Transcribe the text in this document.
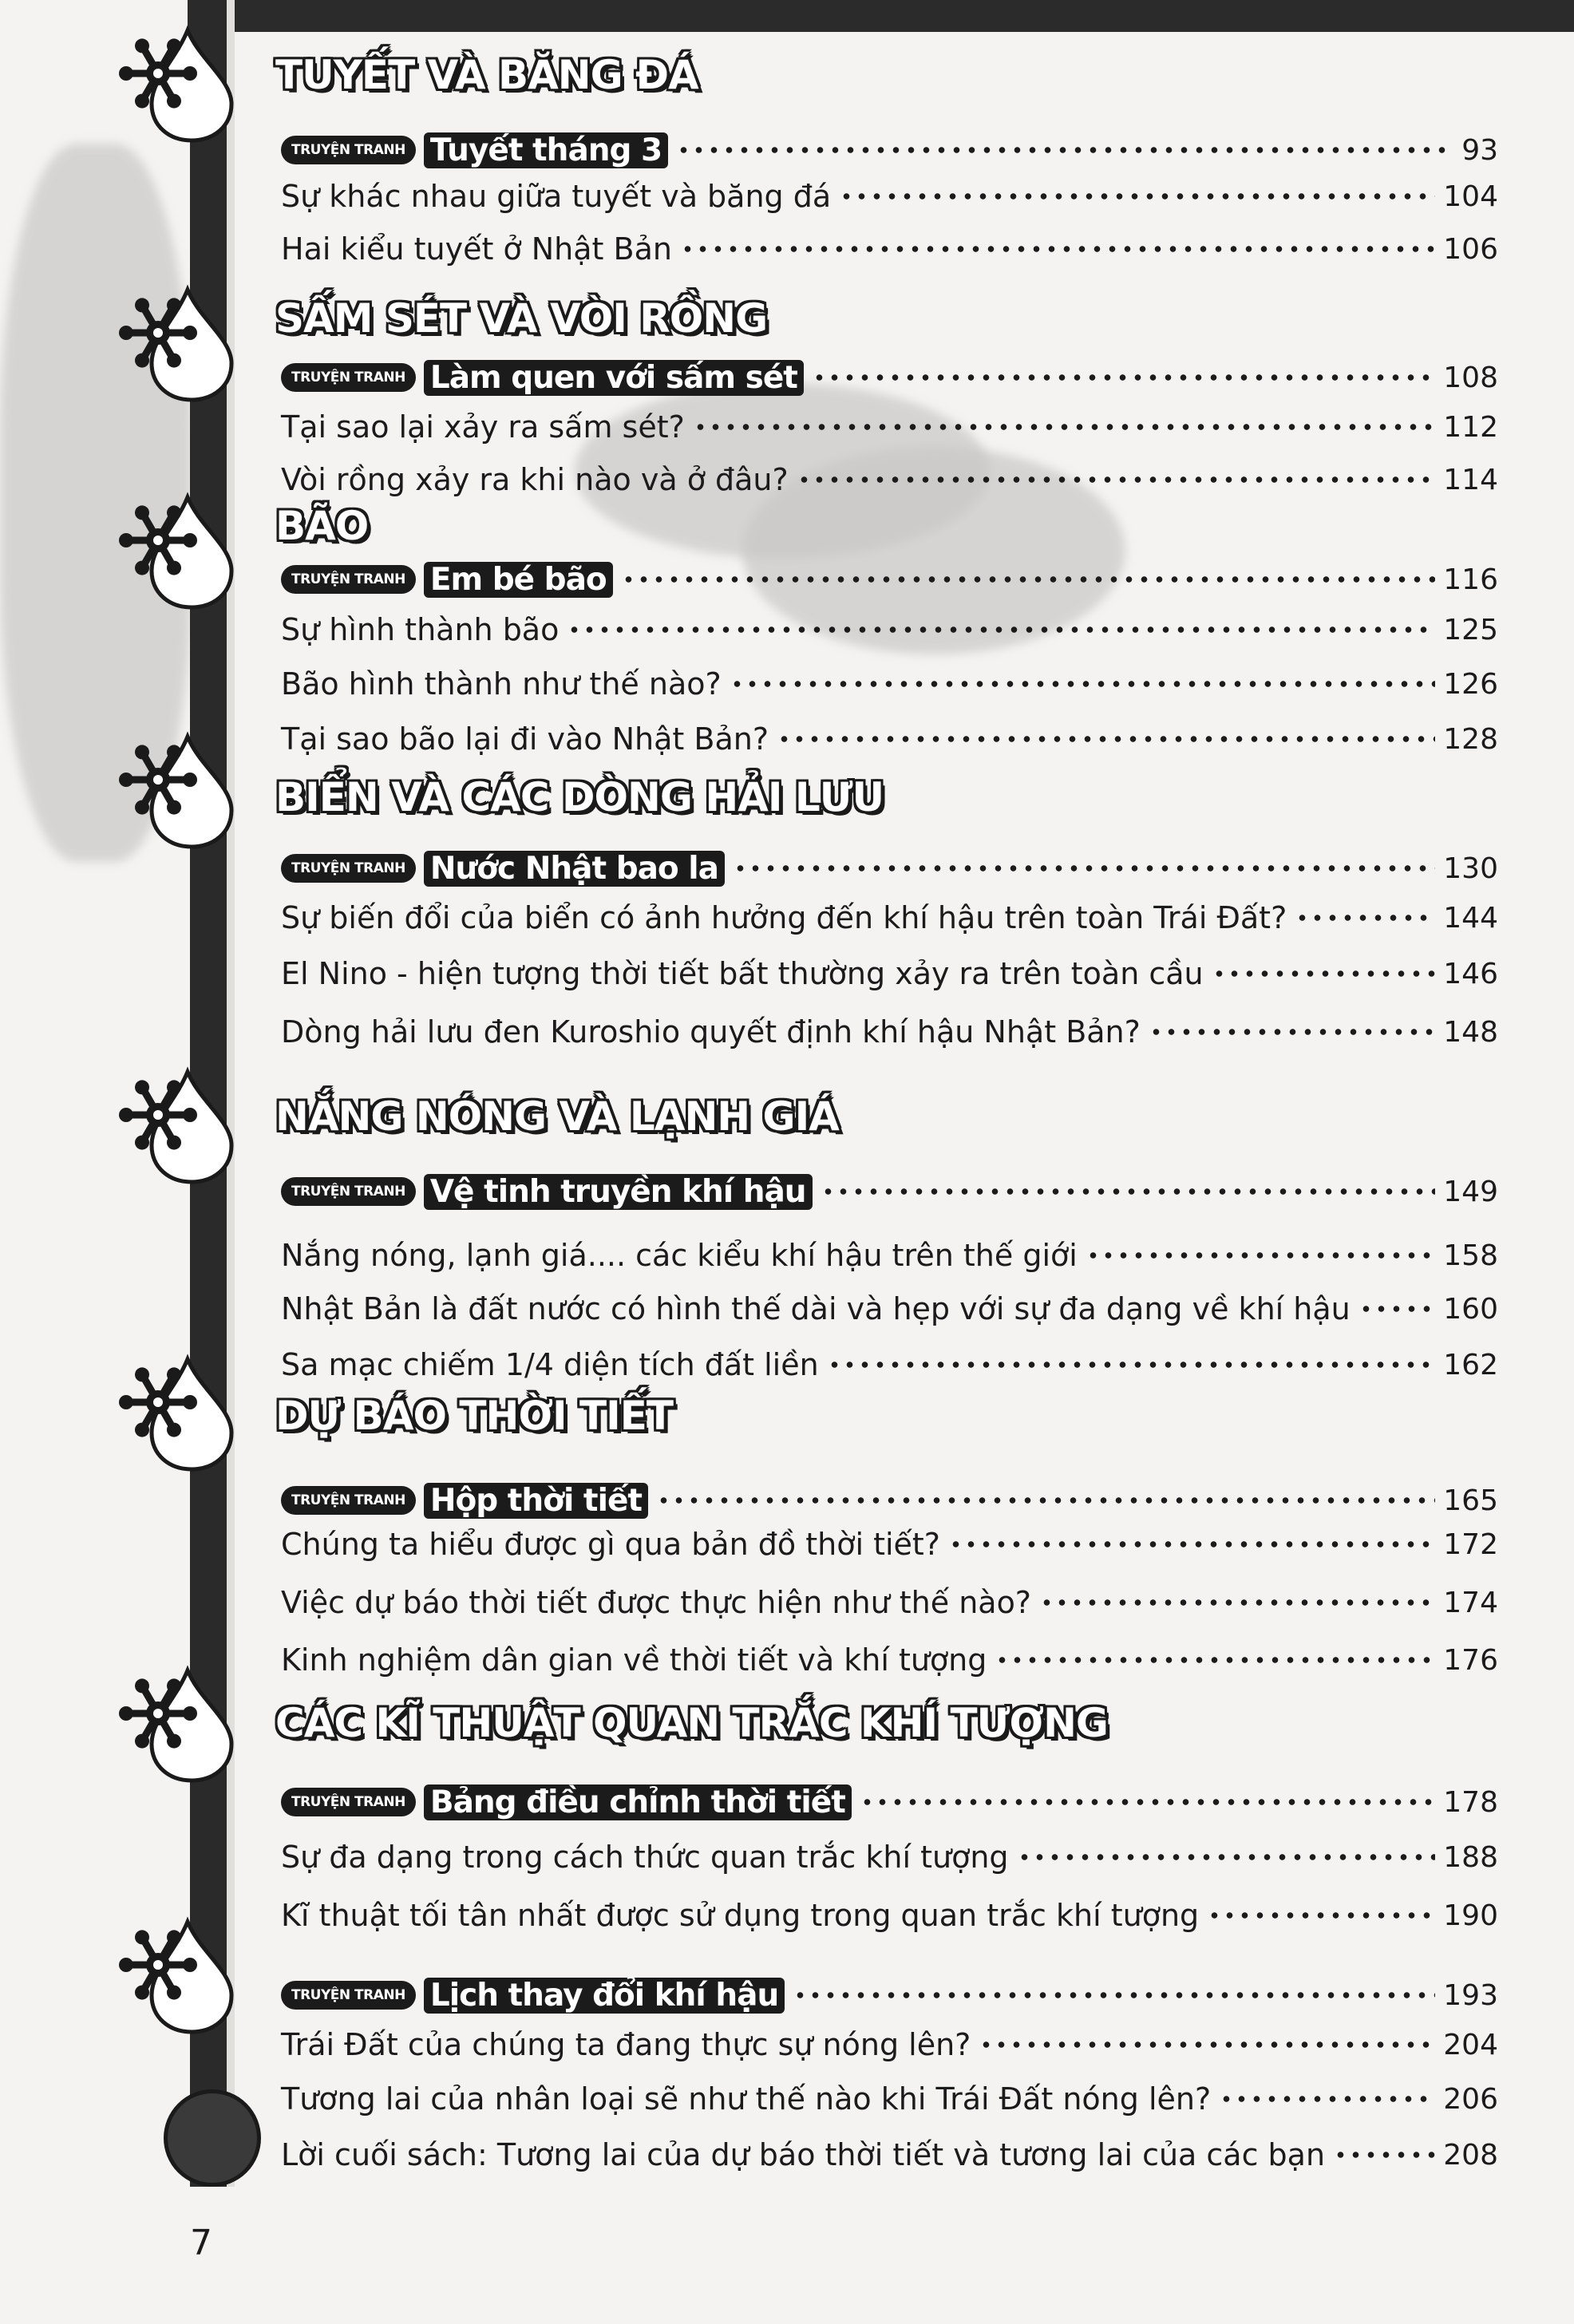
TUYẾT VÀ BĂNG ĐÁ
TRUYỆN TRANH Tuyết tháng 3	93
Sự khác nhau giữa tuyết và băng đá	104
Hai kiểu tuyết ở Nhật Bản	106
SẤM SÉT VÀ VÒI RỒNG
TRUYỆN TRANH Làm quen với sấm sét	108
Tại sao lại xảy ra sấm sét?	112
Vòi rồng xảy ra khi nào và ở đâu?	114
BÃO
TRUYỆN TRANH Em bé bão	116
Sự hình thành bão	125
Bão hình thành như thế nào?	126
Tại sao bão lại đi vào Nhật Bản?	128
BIỂN VÀ CÁC DÒNG HẢI LƯU
TRUYỆN TRANH Nước Nhật bao la	130
Sự biến đổi của biển có ảnh hưởng đến khí hậu trên toàn Trái Đất?	144
El Nino - hiện tượng thời tiết bất thường xảy ra trên toàn cầu	146
Dòng hải lưu đen Kuroshio quyết định khí hậu Nhật Bản?	148
NẮNG NÓNG VÀ LẠNH GIÁ
TRUYỆN TRANH Vệ tinh truyền khí hậu	149
Nắng nóng, lạnh giá.... các kiểu khí hậu trên thế giới	158
Nhật Bản là đất nước có hình thế dài và hẹp với sự đa dạng về khí hậu	160
Sa mạc chiếm 1/4 diện tích đất liền	162
DỰ BÁO THỜI TIẾT
TRUYỆN TRANH Hộp thời tiết	165
Chúng ta hiểu được gì qua bản đồ thời tiết?	172
Việc dự báo thời tiết được thực hiện như thế nào?	174
Kinh nghiệm dân gian về thời tiết và khí tượng	176
CÁC KĨ THUẬT QUAN TRẮC KHÍ TƯỢNG
TRUYỆN TRANH Bảng điều chỉnh thời tiết	178
Sự đa dạng trong cách thức quan trắc khí tượng	188
Kĩ thuật tối tân nhất được sử dụng trong quan trắc khí tượng	190
TRUYỆN TRANH Lịch thay đổi khí hậu	193
Trái Đất của chúng ta đang thực sự nóng lên?	204
Tương lai của nhân loại sẽ như thế nào khi Trái Đất nóng lên?	206
Lời cuối sách: Tương lai của dự báo thời tiết và tương lai của các bạn	208
7
